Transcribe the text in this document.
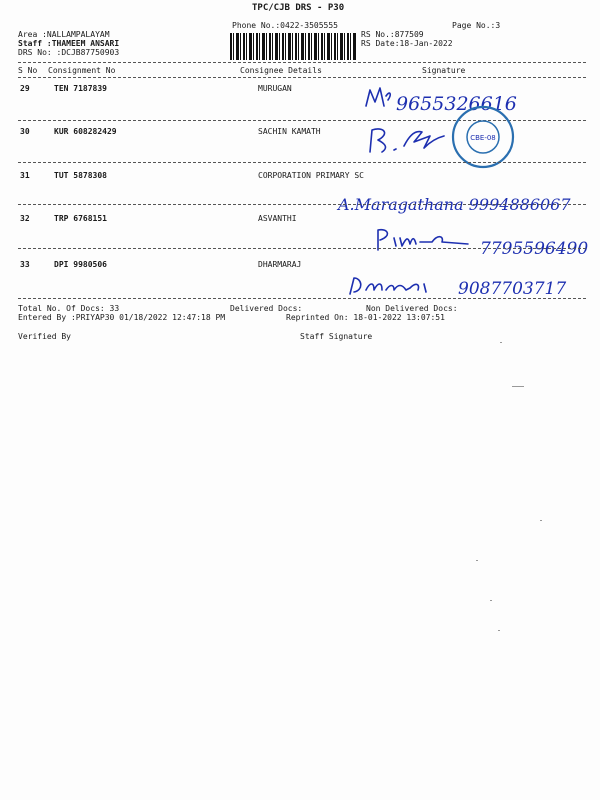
TPC/CJB DRS - P30
Phone No.:0422-3505555	Page No.:3
Area :NALLAMPALAYAM
Staff :THAMEEM ANSARI
DRS No: :DCJB87750903
RS No.:877509
RS Date:18-Jan-2022
S No Consignment No	Consignee Details	Signature
29	TEN 7187839	MURUGAN
9655326616
30	KUR 608282429	SACHIN KAMATH
CBE-08
31	TUT 5878308	CORPORATION PRIMARY SC
A.Maragathana 9994886067
32	TRP 6768151	ASVANTHI
7795596490
33	DPI 9980506	DHARMARAJ
9087703717
Total No. Of Docs: 33	Delivered Docs:	Non Delivered Docs:
Entered By :PRIYAP30 01/18/2022 12:47:18 PM	Reprinted On: 18-01-2022 13:07:51
Verified By	Staff Signature
